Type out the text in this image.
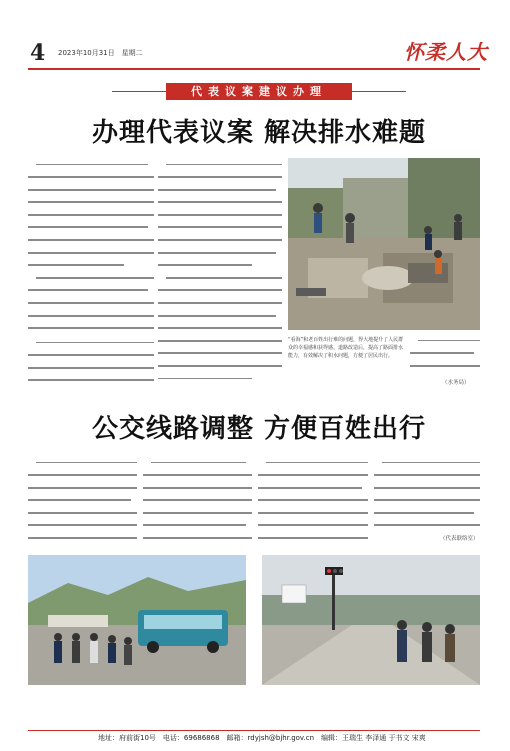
4 2023年10月31日　星期二	怀柔人大
代表议案建议办理
办理代表议案 解决排水难题
“看海”和老百姓出行难的问题，得大地提升了人民群众的幸福感和获得感。道路改造后，提高了路面排水能力，有效解决了积水问题，方便了居民出行。
（水务局）
公交线路调整 方便百姓出行
（代表联络室）
地址：府前街10号　电话：69686868　邮箱：rdyjsh@bjhr.gov.cn　编辑：王瑞生 李泽通 于书文 宋爽
